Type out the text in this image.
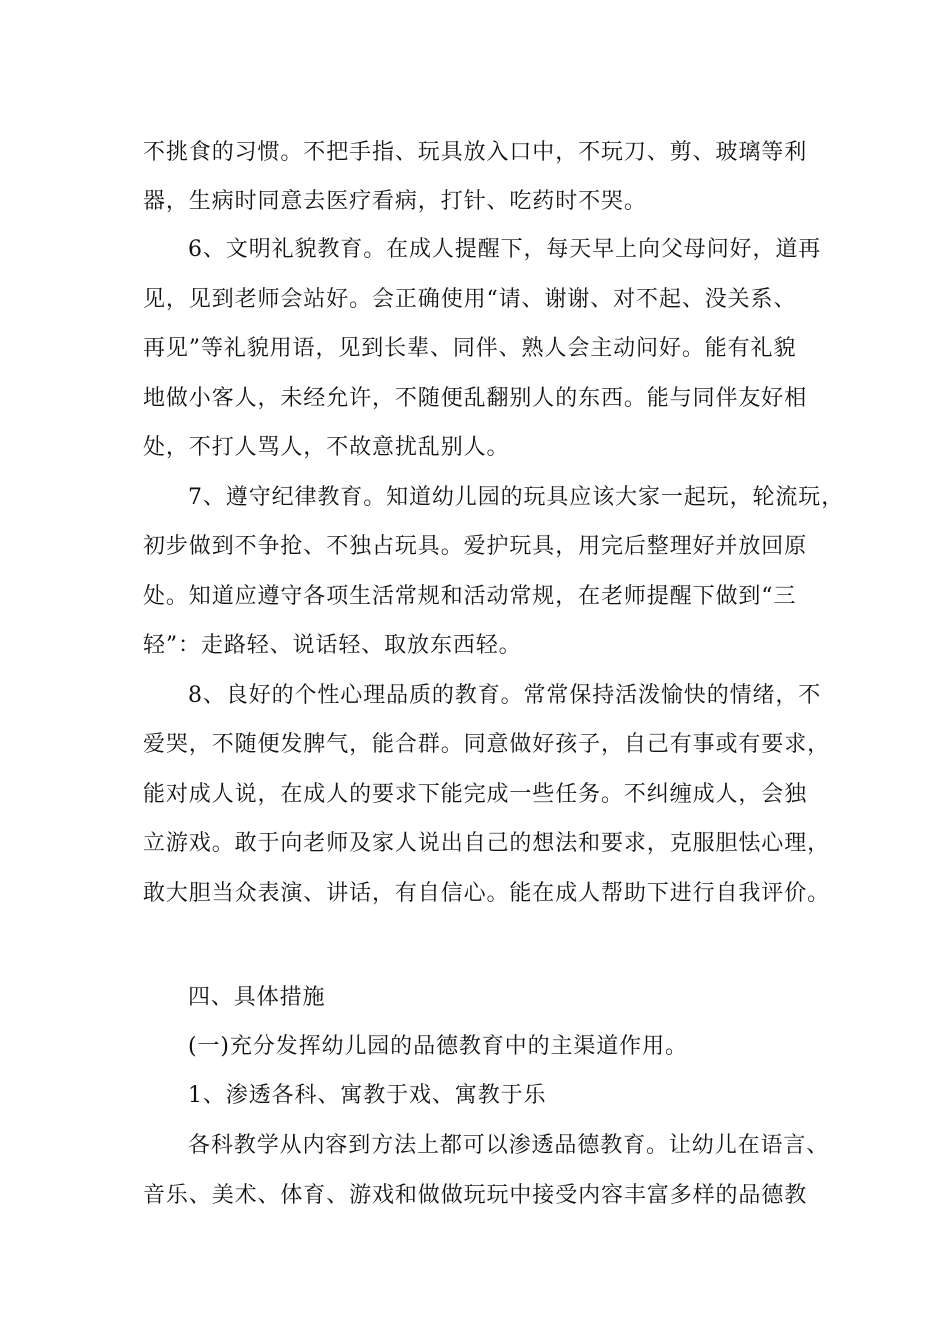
不挑食的习惯。不把手指、玩具放入口中，不玩刀、剪、玻璃等利
器，生病时同意去医疗看病，打针、吃药时不哭。
6、文明礼貌教育。在成人提醒下，每天早上向父母问好，道再
见，见到老师会站好。会正确使用“请、谢谢、对不起、没关系、
再见”等礼貌用语，见到长辈、同伴、熟人会主动问好。能有礼貌
地做小客人，未经允许，不随便乱翻别人的东西。能与同伴友好相
处，不打人骂人，不故意扰乱别人。
7、遵守纪律教育。知道幼儿园的玩具应该大家一起玩，轮流玩，
初步做到不争抢、不独占玩具。爱护玩具，用完后整理好并放回原
处。知道应遵守各项生活常规和活动常规，在老师提醒下做到“三
轻”：走路轻、说话轻、取放东西轻。
8、良好的个性心理品质的教育。常常保持活泼愉快的情绪，不
爱哭，不随便发脾气，能合群。同意做好孩子，自己有事或有要求，
能对成人说，在成人的要求下能完成一些任务。不纠缠成人，会独
立游戏。敢于向老师及家人说出自己的想法和要求，克服胆怯心理，
敢大胆当众表演、讲话，有自信心。能在成人帮助下进行自我评价。
四、具体措施
(一)充分发挥幼儿园的品德教育中的主渠道作用。
1、渗透各科、寓教于戏、寓教于乐
各科教学从内容到方法上都可以渗透品德教育。让幼儿在语言、
音乐、美术、体育、游戏和做做玩玩中接受内容丰富多样的品德教
